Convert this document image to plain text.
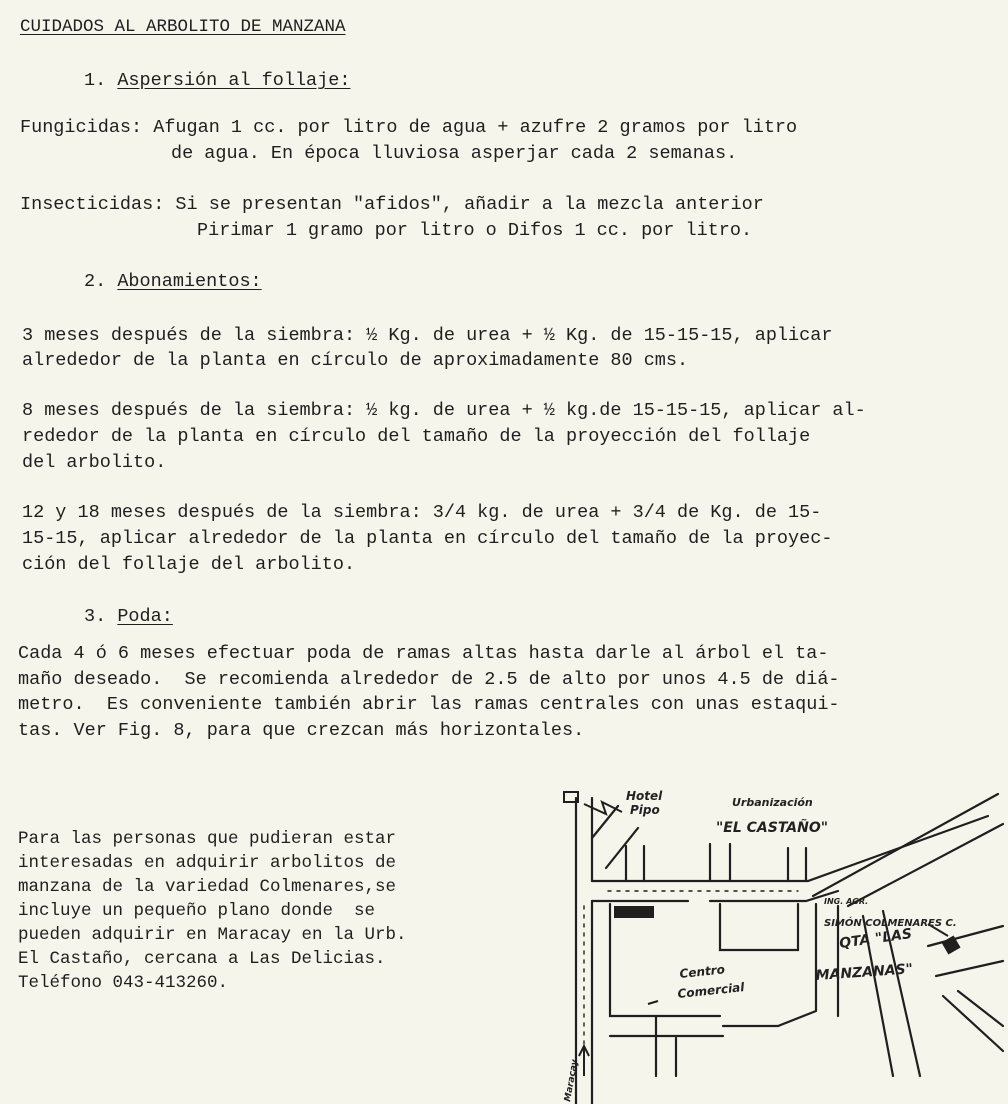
CUIDADOS AL ARBOLITO DE MANZANA
1. Aspersión al follaje:
Fungicidas: Afugan 1 cc. por litro de agua + azufre 2 gramos por litro
de agua. En época lluviosa asperjar cada 2 semanas.
Insecticidas: Si se presentan "afidos", añadir a la mezcla anterior
Pirimar 1 gramo por litro o Difos 1 cc. por litro.
2. Abonamientos:
3 meses después de la siembra: ½ Kg. de urea + ½ Kg. de 15-15-15, aplicar
alrededor de la planta en círculo de aproximadamente 80 cms.
8 meses después de la siembra: ½ kg. de urea + ½ kg.de 15-15-15, aplicar al-
rededor de la planta en círculo del tamaño de la proyección del follaje
del arbolito.
12 y 18 meses después de la siembra: 3/4 kg. de urea + 3/4 de Kg. de 15-
15-15, aplicar alrededor de la planta en círculo del tamaño de la proyec-
ción del follaje del arbolito.
3. Poda:
Cada 4 ó 6 meses efectuar poda de ramas altas hasta darle al árbol el ta-
maño deseado.  Se recomienda alrededor de 2.5 de alto por unos 4.5 de diá-
metro.  Es conveniente también abrir las ramas centrales con unas estaqui-
tas. Ver Fig. 8, para que crezcan más horizontales.
Para las personas que pudieran estar
interesadas en adquirir arbolitos de
manzana de la variedad Colmenares,se
incluye un pequeño plano donde  se
pueden adquirir en Maracay en la Urb.
El Castaño, cercana a Las Delicias.
Teléfono 043-413260.
Hotel
Pipo
Urbanización
"EL CASTAÑO"
ING. AGR.
SIMÓN COLMENARES C.
QTA "LAS
MANZANAS"
Centro
Comercial
Maracay
